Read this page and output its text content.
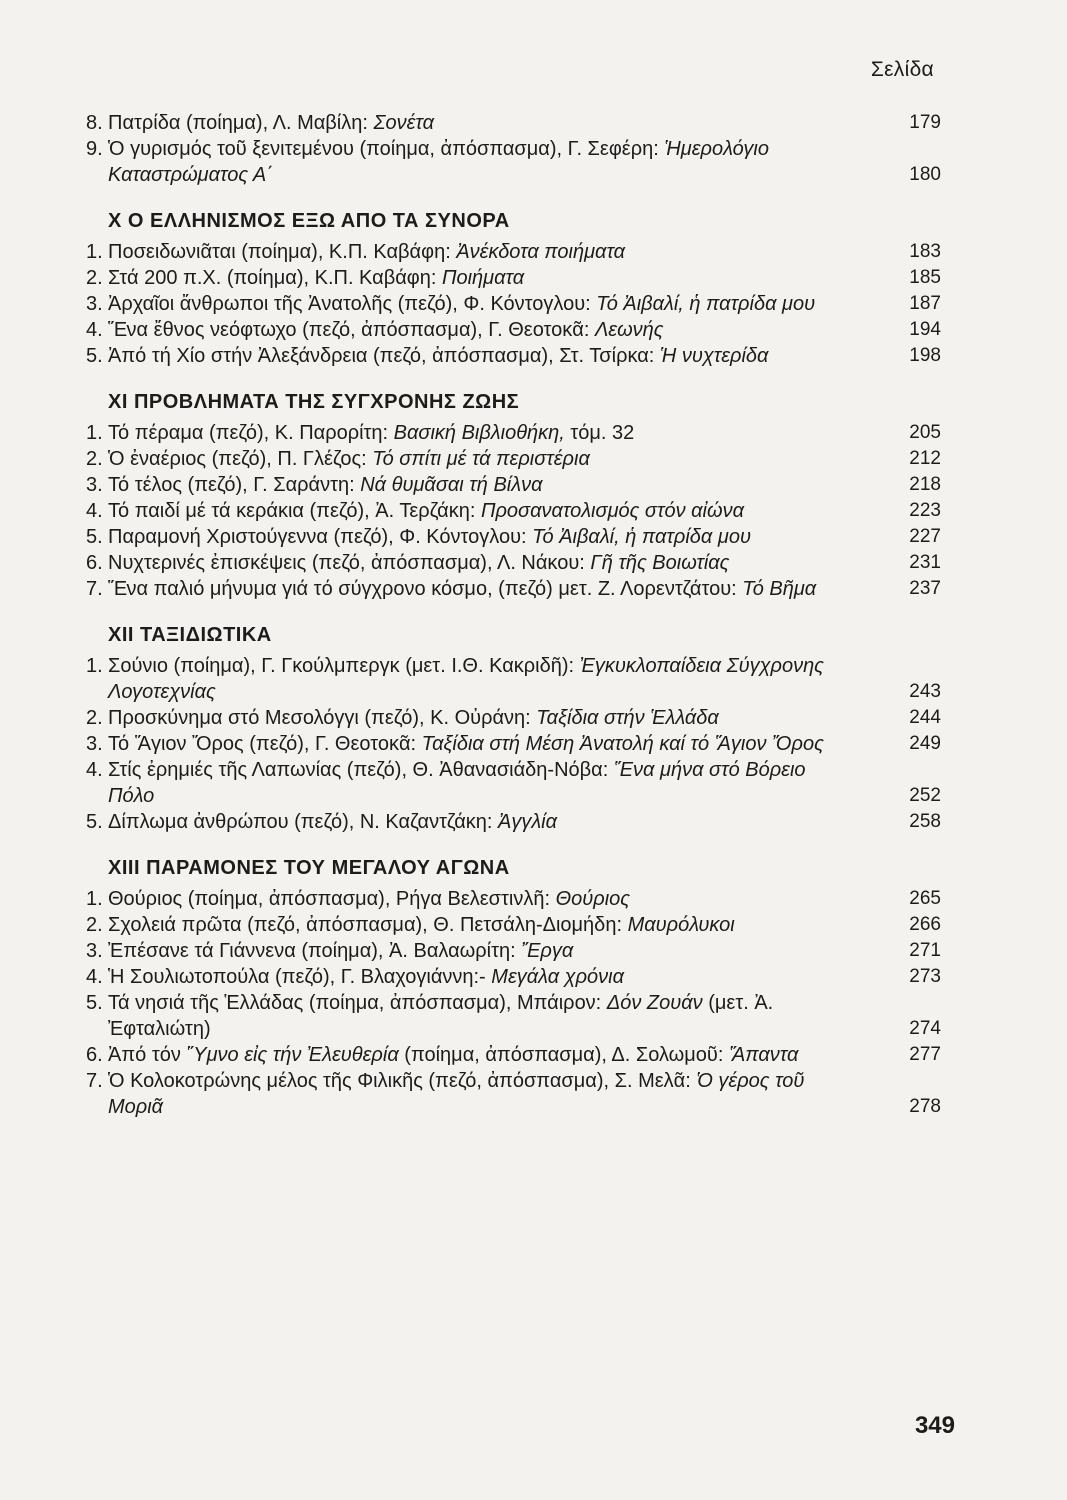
Σελίδα
8. Πατρίδα (ποίημα), Λ. Μαβίλη: Σονέτα	179
9. Ὁ γυρισμός τοῦ ξενιτεμένου (ποίημα, ἀπόσπασμα), Γ. Σεφέρη: Ἡμερολόγιο Καταστρώματος Α΄	180
X Ο ΕΛΛΗΝΙΣΜΟΣ ΕΞΩ ΑΠΟ ΤΑ ΣΥΝΟΡΑ
1. Ποσειδωνιᾶται (ποίημα), Κ.Π. Καβάφη: Ἀνέκδοτα ποιήματα	183
2. Στά 200 π.Χ. (ποίημα), Κ.Π. Καβάφη: Ποιήματα	185
3. Ἀρχαῖοι ἄνθρωποι τῆς Ἀνατολῆς (πεζό), Φ. Κόντογλου: Τό Ἀιβαλί, ἡ πατρίδα μου	187
4. Ἕνα ἔθνος νεόφτωχο (πεζό, ἀπόσπασμα), Γ. Θεοτοκᾶ: Λεωνής	194
5. Ἀπό τή Χίο στήν Ἀλεξάνδρεια (πεζό, ἀπόσπασμα), Στ. Τσίρκα: Ἡ νυχτερίδα	198
XI ΠΡΟΒΛΗΜΑΤΑ ΤΗΣ ΣΥΓΧΡΟΝΗΣ ΖΩΗΣ
1. Τό πέραμα (πεζό), Κ. Παρορίτη: Βασική Βιβλιοθήκη, τόμ. 32	205
2. Ὁ ἐναέριος (πεζό), Π. Γλέζος: Τό σπίτι μέ τά περιστέρια	212
3. Τό τέλος (πεζό), Γ. Σαράντη: Νά θυμᾶσαι τή Βίλνα	218
4. Τό παιδί μέ τά κεράκια (πεζό), Ἀ. Τερζάκη: Προσανατολισμός στόν αἰώνα	223
5. Παραμονή Χριστούγεννα (πεζό), Φ. Κόντογλου: Τό Ἀιβαλί, ἡ πατρίδα μου	227
6. Νυχτερινές ἐπισκέψεις (πεζό, ἀπόσπασμα), Λ. Νάκου: Γῆ τῆς Βοιωτίας	231
7. Ἕνα παλιό μήνυμα γιά τό σύγχρονο κόσμο, (πεζό) μετ. Ζ. Λορεντζάτου: Τό Βῆμα	237
XII ΤΑΞΙΔΙΩΤΙΚΑ
1. Σούνιο (ποίημα), Γ. Γκούλμπεργκ (μετ. Ι.Θ. Κακριδῆ): Ἐγκυκλοπαίδεια Σύγχρονης Λογοτεχνίας	243
2. Προσκύνημα στό Μεσολόγγι (πεζό), Κ. Οὐράνη: Ταξίδια στήν Ἑλλάδα	244
3. Τό Ἅγιον Ὄρος (πεζό), Γ. Θεοτοκᾶ: Ταξίδια στή Μέση Ἀνατολή καί τό Ἅγιον Ὄρος	249
4. Στίς ἐρημιές τῆς Λαπωνίας (πεζό), Θ. Ἀθανασιάδη-Νόβα: Ἕνα μήνα στό Βόρειο Πόλο	252
5. Δίπλωμα ἀνθρώπου (πεζό), Ν. Καζαντζάκη: Ἀγγλία	258
XIII ΠΑΡΑΜΟΝΕΣ ΤΟΥ ΜΕΓΑΛΟΥ ΑΓΩΝΑ
1. Θούριος (ποίημα, ἀπόσπασμα), Ρήγα Βελεστινλῆ: Θούριος	265
2. Σχολειά πρῶτα (πεζό, ἀπόσπασμα), Θ. Πετσάλη-Διομήδη: Μαυρόλυκοι	266
3. Ἐπέσανε τά Γιάννενα (ποίημα), Ἀ. Βαλαωρίτη: Ἔργα	271
4. Ἡ Σουλιωτοπούλα (πεζό), Γ. Βλαχογιάννη:- Μεγάλα χρόνια	273
5. Τά νησιά τῆς Ἑλλάδας (ποίημα, ἀπόσπασμα), Μπάιρον: Δόν Ζουάν (μετ. Ἀ. Ἐφταλιώτη)	274
6. Ἀπό τόν Ὕμνο εἰς τήν Ἐλευθερία (ποίημα, ἀπόσπασμα), Δ. Σολωμοῦ: Ἅπαντα	277
7. Ὁ Κολοκοτρώνης μέλος τῆς Φιλικῆς (πεζό, ἀπόσπασμα), Σ. Μελᾶ: Ὁ γέρος τοῦ Μοριᾶ	278
349
